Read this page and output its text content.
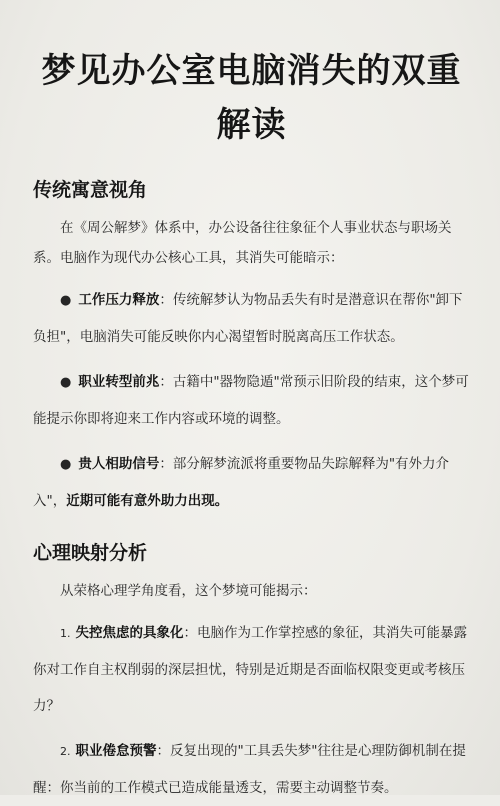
梦见办公室电脑消失的双重解读
传统寓意视角

在《周公解梦》体系中，办公设备往往象征个人事业状态与职场关系。电脑作为现代办公核心工具，其消失可能暗示：

● 工作压力释放：传统解梦认为物品丢失有时是潜意识在帮你"卸下负担"，电脑消失可能反映你内心渴望暂时脱离高压工作状态。

● 职业转型前兆：古籍中"器物隐遁"常预示旧阶段的结束，这个梦可能提示你即将迎来工作内容或环境的调整。

● 贵人相助信号：部分解梦流派将重要物品失踪解释为"有外力介入"，近期可能有意外助力出现。

心理映射分析

从荣格心理学角度看，这个梦境可能揭示：

1. 失控焦虑的具象化：电脑作为工作掌控感的象征，其消失可能暴露你对工作自主权削弱的深层担忧，特别是近期是否面临权限变更或考核压力？

2. 职业倦怠预警：反复出现的"工具丢失梦"往往是心理防御机制在提醒：你当前的工作模式已造成能量透支，需要主动调整节奏。
